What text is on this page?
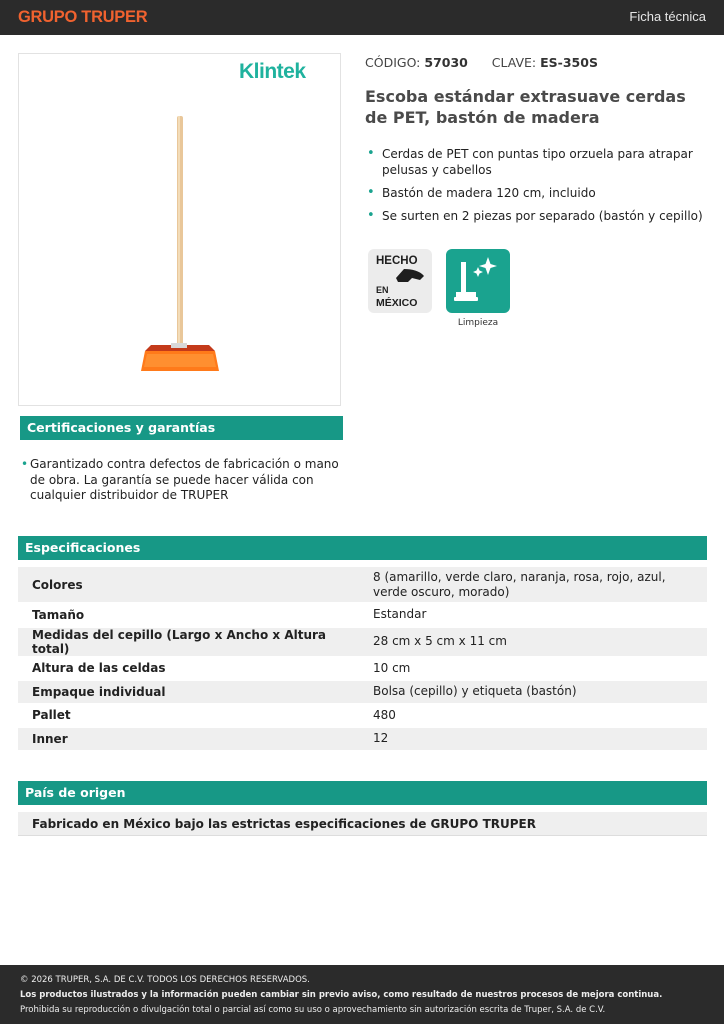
GRUPO TRUPER	Ficha técnica
Klintek	CÓDIGO: 57030 CLAVE: ES-350S
Escoba estándar extrasuave cerdas de PET, bastón de madera
• Cerdas de PET con puntas tipo orzuela para atrapar pelusas y cabellos
• Bastón de madera 120 cm, incluido
• Se surten en 2 piezas por separado (bastón y cepillo)
HECHO
EN
MÉXICO
Limpieza
Certificaciones y garantías
• Garantizado contra defectos de fabricación o mano de obra. La garantía se puede hacer válida con cualquier distribuidor de TRUPER
Especificaciones
Colores	8 (amarillo, verde claro, naranja, rosa, rojo, azul, verde oscuro, morado)
Tamaño	Estandar
Medidas del cepillo (Largo x Ancho x Altura total)	28 cm x 5 cm x 11 cm
Altura de las celdas	10 cm
Empaque individual	Bolsa (cepillo) y etiqueta (bastón)
Pallet	480
Inner	12
País de origen
Fabricado en México bajo las estrictas especificaciones de GRUPO TRUPER
© 2026 TRUPER, S.A. DE C.V. TODOS LOS DERECHOS RESERVADOS.
Los productos ilustrados y la información pueden cambiar sin previo aviso, como resultado de nuestros procesos de mejora continua.
Prohibida su reproducción o divulgación total o parcial así como su uso o aprovechamiento sin autorización escrita de Truper, S.A. de C.V.
